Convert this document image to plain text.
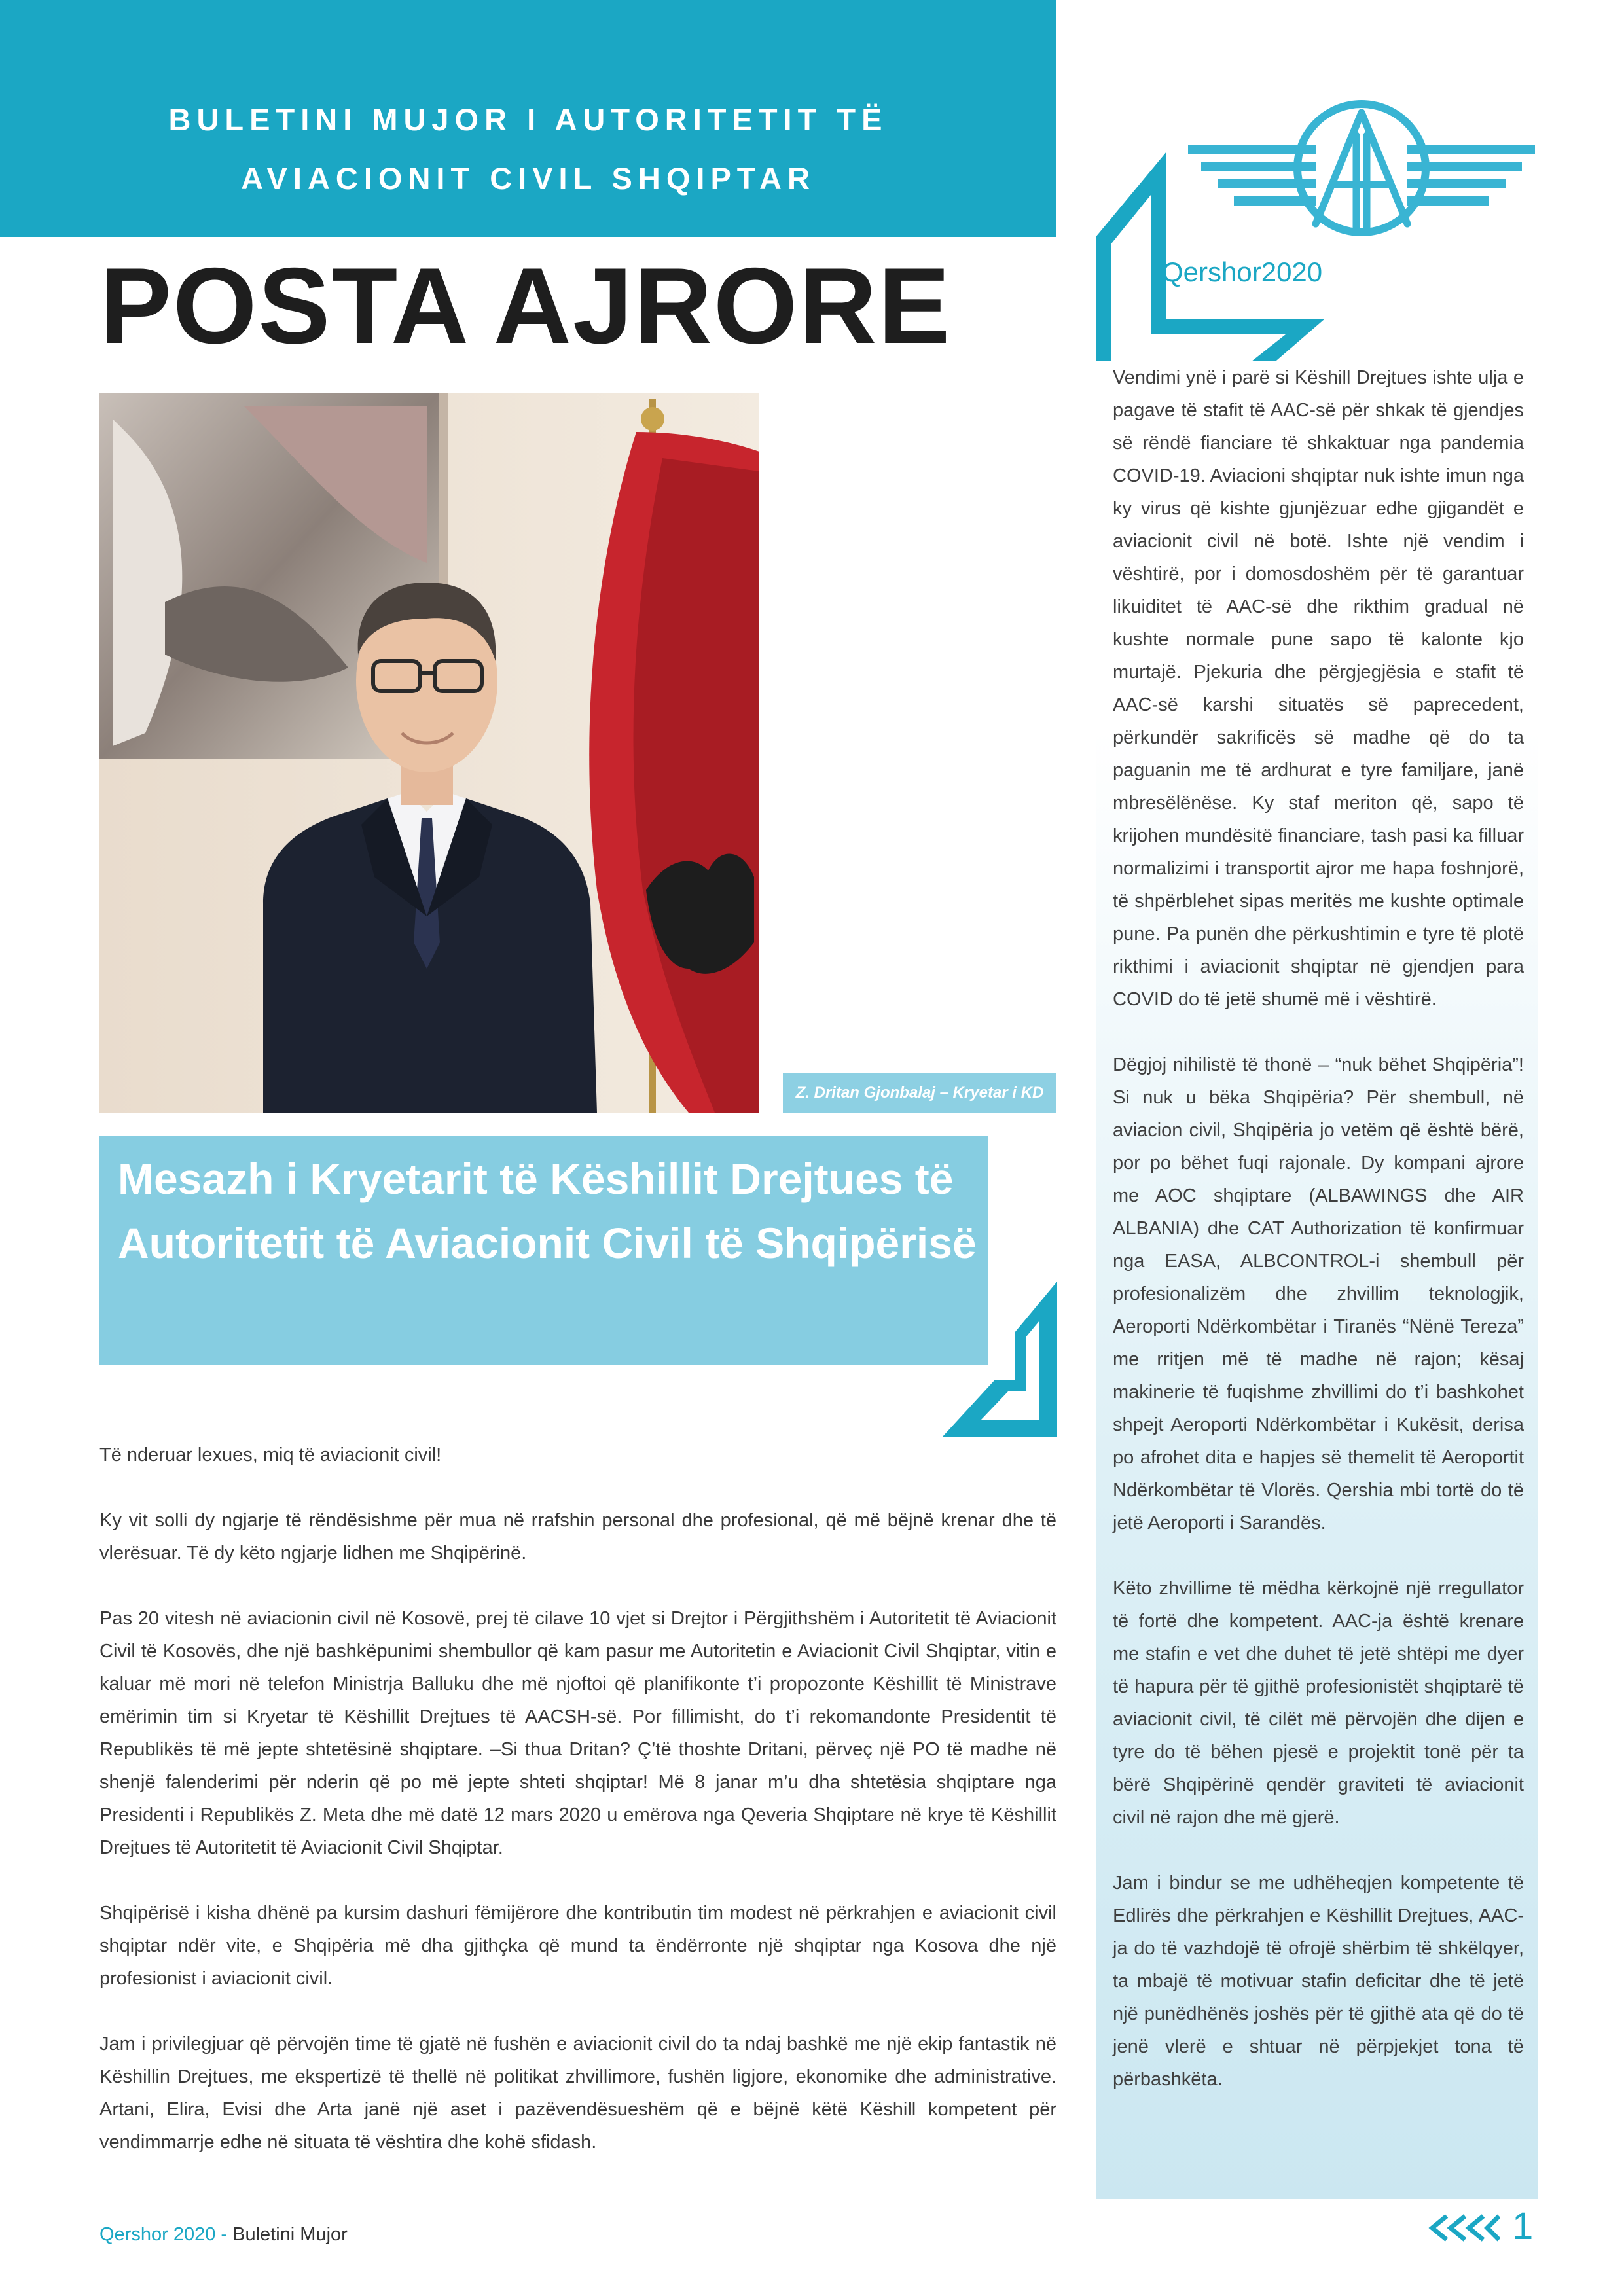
BULETINI MUJOR I AUTORITETIT TË
AVIACIONIT CIVIL SHQIPTAR
POSTA AJRORE	Qershor2020
Z. Dritan Gjonbalaj – Kryetar i KD
Mesazh i Kryetarit të Këshillit Drejtues të Autoritetit të Aviacionit Civil të Shqipërisë

Të nderuar lexues, miq të aviacionit civil!

Ky vit solli dy ngjarje të rëndësishme për mua në rrafshin personal dhe profesional, që më bëjnë krenar dhe të vlerësuar. Të dy këto ngjarje lidhen me Shqipërinë.

Pas 20 vitesh në aviacionin civil në Kosovë, prej të cilave 10 vjet si Drejtor i Përgjithshëm i Autoritetit të Aviacionit Civil të Kosovës, dhe një bashkëpunimi shembullor që kam pasur me Autoritetin e Aviacionit Civil Shqiptar, vitin e kaluar më mori në telefon Ministrja Balluku dhe më njoftoi që planifikonte t’i propozonte Këshillit të Ministrave emërimin tim si Kryetar të Këshillit Drejtues të AACSH-së. Por fillimisht, do t’i rekomandonte Presidentit të Republikës të më jepte shtetësinë shqiptare. –Si thua Dritan? Ç’të thoshte Dritani, përveç një PO të madhe në shenjë falenderimi për nderin që po më jepte shteti shqiptar! Më 8 janar m’u dha shtetësia shqiptare nga Presidenti i Republikës Z. Meta dhe më datë 12 mars 2020 u emërova nga Qeveria Shqiptare në krye të Këshillit Drejtues të Autoritetit të Aviacionit Civil Shqiptar.

Shqipërisë i kisha dhënë pa kursim dashuri fëmijërore dhe kontributin tim modest në përkrahjen e aviacionit civil shqiptar ndër vite, e Shqipëria më dha gjithçka që mund ta ëndërronte një shqiptar nga Kosova dhe një profesionist i aviacionit civil.

Jam i privilegjuar që përvojën time të gjatë në fushën e aviacionit civil do ta ndaj bashkë me një ekip fantastik në Këshillin Drejtues, me ekspertizë të thellë në politikat zhvillimore, fushën ligjore, ekonomike dhe administrative. Artani, Elira, Evisi dhe Arta janë një aset i pazëvendësueshëm që e bëjnë këtë Këshill kompetent për vendimmarrje edhe në situata të vështira dhe kohë sfidash.

Vendimi ynë i parë si Këshill Drejtues ishte ulja e pagave të stafit të AAC-së për shkak të gjendjes së rëndë fianciare të shkaktuar nga pandemia COVID-19. Aviacioni shqiptar nuk ishte imun nga ky virus që kishte gjunjëzuar edhe gjigandët e aviacionit civil në botë. Ishte një vendim i vështirë, por i domosdoshëm për të garantuar likuiditet të AAC-së dhe rikthim gradual në kushte normale pune sapo të kalonte kjo murtajë. Pjekuria dhe përgjegjësia e stafit të AAC-së karshi situatës së paprecedent, përkundër sakrificës së madhe që do ta paguanin me të ardhurat e tyre familjare, janë mbresëlënëse. Ky staf meriton që, sapo të krijohen mundësitë financiare, tash pasi ka filluar normalizimi i transportit ajror me hapa foshnjorë, të shpërblehet sipas meritës me kushte optimale pune. Pa punën dhe përkushtimin e tyre të plotë rikthimi i aviacionit shqiptar në gjendjen para COVID do të jetë shumë më i vështirë.

Dëgjoj nihilistë të thonë – “nuk bëhet Shqipëria”! Si nuk u bëka Shqipëria? Për shembull, në aviacion civil, Shqipëria jo vetëm që është bërë, por po bëhet fuqi rajonale. Dy kompani ajrore me AOC shqiptare (ALBAWINGS dhe AIR ALBANIA) dhe CAT Authorization të konfirmuar nga EASA, ALBCONTROL-i shembull për profesionalizëm dhe zhvillim teknologjik, Aeroporti Ndërkombëtar i Tiranës “Nënë Tereza” me rritjen më të madhe në rajon; kësaj makinerie të fuqishme zhvillimi do t’i bashkohet shpejt Aeroporti Ndërkombëtar i Kukësit, derisa po afrohet dita e hapjes së themelit të Aeroportit Ndërkombëtar të Vlorës. Qershia mbi tortë do të jetë Aeroporti i Sarandës.

Këto zhvillime të mëdha kërkojnë një rregullator të fortë dhe kompetent. AAC-ja është krenare me stafin e vet dhe duhet të jetë shtëpi me dyer të hapura për të gjithë profesionistët shqiptarë të aviacionit civil, të cilët më përvojën dhe dijen e tyre do të bëhen pjesë e projektit tonë për ta bërë Shqipërinë qendër graviteti të aviacionit civil në rajon dhe më gjerë.

Jam i bindur se me udhëheqjen kompetente të Edlirës dhe përkrahjen e Këshillit Drejtues, AAC-ja do të vazhdojë të ofrojë shërbim të shkëlqyer, ta mbajë të motivuar stafin deficitar dhe të jetë një punëdhënës joshës për të gjithë ata që do të jenë vlerë e shtuar në përpjekjet tona të përbashkëta.

Qershor 2020 - Buletini Mujor	1
